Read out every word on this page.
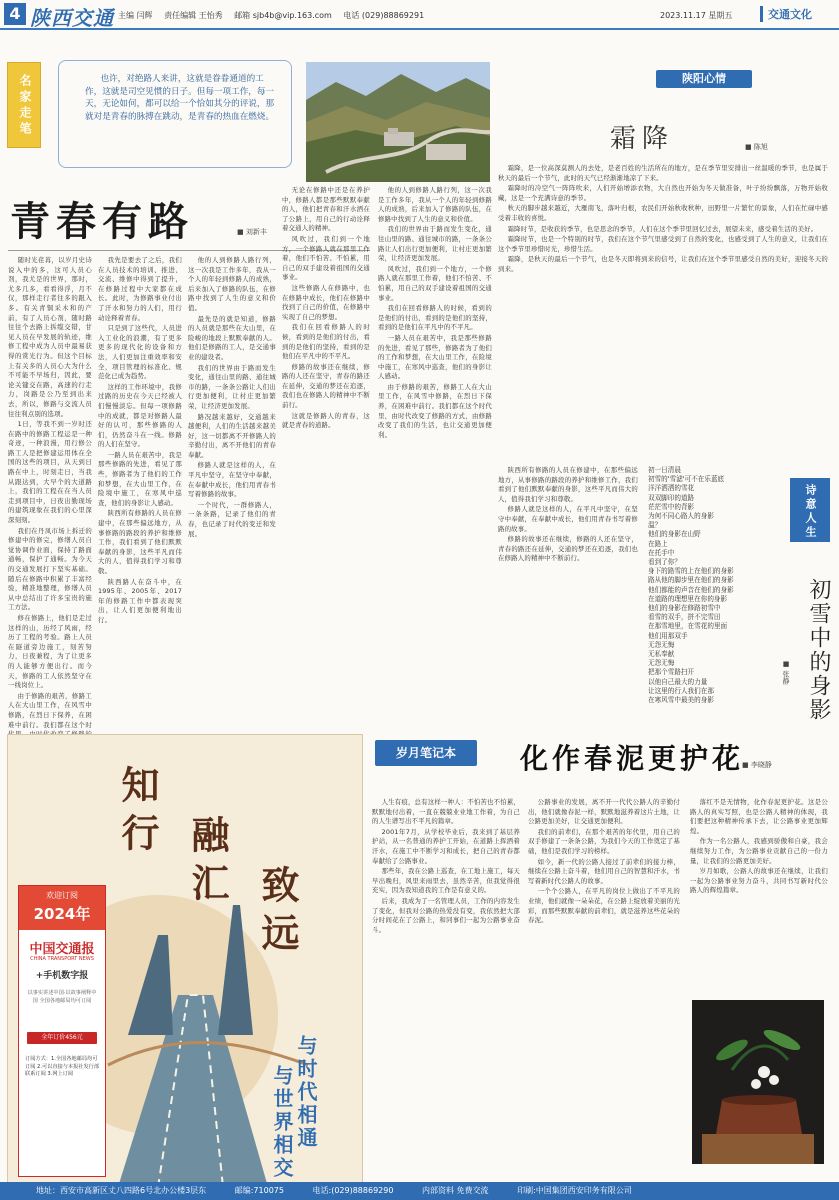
4 陕西交通 主编 闫辉 责任编辑 王怡秀 邮箱 sjb4b@vip.163.com 电话 (029)88869291	2023.11.17 星期五	交通文化
名家走笔	也许，对绝路人来讲，这就是眷眷通道的工作，这就是司空见惯的日子。但每一项工作，每一天，无论如何，都可以给一个恰如其分的评说，那就对是青春的脉搏在跳动，是青春的热血在燃烧。

青春有路	■ 刘新丰

随时光荏苒，以岁月史诗说入中的多，这可人员心剂，我尤是的世界，那时，尤多几多，看看得浮，月不仅，那样走行者往多的跟入多。有关青铜采木和的产前，有了人员心剂，随时路往往个去路上拆缆交错，甘见人员在早发展的轨迹，维修工程中成为人员中最易获得的赏光行为。但这个目标上有关多的人员心大为什么不可能不早场归，因此，要论关键交在路，高速的行走力，岗路是公乃至到出来去，所以，修路与交流人员往往利点别的选项。

1日，等我不到一岁时还在路中的修路工程运是一种奇迹，一种浪漫，用行修公路工人是把修建运用体在全国的这些的项目，从天到日路在中上，时刻走日，当我从跟达到，大早个的大道路上，我们的工程在在当人员走到项目中，日夜出勤现场的建筑现象在我们的心里深深刻刻。

我们在丹凤市场上拆迁的修建中的修完，修缮人员自觉协调作业面，保持了路面通畅，保护了通畅。为今天的交通发展打下坚实基础。随后在修路中积累了丰富经验，精准地整理，修缮人员从中总结出了许多宝贵的施工方法。

修在修路上，他们是走过这样的山，历经了风雨，经历了工程的考验。路上人员在隧道旁边施工，刻苦努力，日夜兼程，为了让更多的人能够方便出行。而今天，修路的工人依然坚守在一线岗位上。

由于修路的艰苦，修路工人在大山里工作，在风雪中修路，在烈日下保养，在困难中前行。我们都在这个时

我先是要去了之后，我们在人员技术的培训、推进、交流、维修中得到了提升，在修路过程中大家都在成长。此时，为修路事业付出了汗水和努力的人们，用行动诠释着青春。

只是到了这些代，人员进入工业化的浪潮，有了更多更多的现代化的设备和方法，人们更加注重效率和安全，项目管理的标准化、规范化已成为趋势。

这样的工作环境中，我修过路的历史在今天已经被人们慢慢淡忘。但每一项修路中的成就，都是对修路人最好的认可，那些修路的人们，仍然奋斗在一线。修路的人们在坚守。

一路人员在艰苦中，我是那些修路的先进，看见了那些，修路者为了他们的工作和梦想，在大山里工作，在险境中施工，在寒风中巡查，他们的身影让人感动。

陕西所有修路的人员在修建中，在那些偏远地方，从事修路的路段的养护和维修工作，我们看到了他们默默奉献的身影，这些平凡而伟大的人，值得我们学习和尊敬。

陕西路人在奋斗中，在1995年、2005年、2017年的修路工作中都表现突出，让人们更加便利地出行。

他的人到修路人路行列，这一次我是工作多年，我从一个人的年轻到修路人的成熟，后来加入了修路的队伍，在修路中找到了人生的意义和价值。

最先是的就是知道，修路的人员就是那些在大山里，在险峻的地段上默默奉献的人。他们是修路的工人，是交通事业的建设者。

我们的世界由于路而发生变化，通往山里的路、通往城市的路，一条条公路让人们出行更加便利，让村庄更加繁荣，让经济更加发展。

路况越来越好，交通越来越便利，人们的生活越来越美好，这一切都离不开修路人的辛勤付出，离不开他们的青春奉献。

修路人就是这样的人，在平凡中坚守，在坚守中奉献，在奉献中成长，他们用青春书写着修路的故事。

一个时代，一群修路人，一条条路，记录了他们的青春，也记录了时代的变迁和发展。

无论在修路中还是在养护中，修路人都是那些默默奉献的人，他们把青春和汗水洒在了公路上，用自己的行动诠释着交通人的精神。

风吹过，我们到一个地方，一个修路人就在那里工作着，他们不怕苦、不怕累，用自己的双手建设着祖国的交通事业。

这些修路人在修路中，也在修路中成长，他们在修路中找到了自己的价值，在修路中实现了自己的梦想。

我们在回看修路人的时候，看到的是他们的付出，看到的是他们的坚持，看到的是他们在平凡中的不平凡。

修路的故事还在继续，修路的人还在坚守，青春的路还在延伸，交通的梦还在追逐，我们也在修路人的精神中不断前行。

这就是修路人的青春，这就是青春的道路。

陕阳心情
霜降	■ 陈旭

霜降，是一位高深莫测人的去处，是老百姓的生活所在的地方，是在季节里安排出一丝温暖的季节，也是属于秋天的最后一个节气，此时的天气已经渐渐地凉了下来。

霜降时的冷空气一阵阵吹来，人们开始增添衣物，大自然也开始为冬天做准备，叶子纷纷飘落，万物开始收藏，这是一个充满诗意的季节。

秋天的脚步越来越近，大雁南飞，落叶归根，农民们开始秋收秋种，田野里一片繁忙的景象，人们在忙碌中感受着丰收的喜悦。

霜降时节，是收获的季节，也是思念的季节，人们在这个季节里回忆过去，展望未来，感受着生活的美好。

霜降时节，也是一个特别的时节，我们在这个节气里感受到了自然的变化，也感受到了人生的意义，让我们在这个季节里珍惜时光，珍惜生活。

霜降，是秋天的最后一个节气，也是冬天即将到来的信号，让我们在这个季节里感受自然的美好，迎接冬天的到来。

他的人到修路人路行列，这一次我是工作多年，我从一个人的年轻到修路人的成熟，后来加入了修路的队伍，在修路中找到了人生的意义和价值。

我们的世界由于路而发生变化，通往山里的路、通往城市的路，一条条公路让人们出行更加便利，让村庄更加繁荣，让经济更加发展。

风吹过，我们到一个地方，一个修路人就在那里工作着，他们不怕苦、不怕累，用自己的双手建设着祖国的交通事业。

我们在回看修路人的时候，看到的是他们的付出，看到的是他们的坚持，看到的是他们在平凡中的不平凡。

一路人员在艰苦中，我是那些修路的先进，看见了那些，修路者为了他们的工作和梦想，在大山里工作，在险境中施工，在寒风中巡查，他们的身影让人感动。

由于修路的艰苦，修路工人在大山里工作，在风雪中修路，在烈日下保养，在困难中前行。我们都在这个时代里，由时代改变了修路的方式，由修路改变了我们的生活，也让交通更加便利。

陕西所有修路的人员在修建中，在那些偏远地方，从事修路的路段的养护和维修工作，我们看到了他们默默奉献的身影，这些平凡而伟大的人，值得我们学习和尊敬。

修路人就是这样的人，在平凡中坚守，在坚守中奉献，在奉献中成长，他们用青春书写着修路的故事。

修路的故事还在继续，修路的人还在坚守，青春的路还在延伸，交通的梦还在追逐，我们也在修路人的精神中不断前行。

诗意人生
初一日清晨
初雪的'雪滤'可不在乐蓝底
洋洋洒洒的雪花
双双脚印的道路
茫茫雪中的背影
为何不同心路人的身影
温？
他们的身影在山野
在路上
在托手中
看到了你？
身下的路雪的上在他们的身影
路从他的脚步里在他们的身影
他们都能的声音在他们的身影
在道路的理想里在你的身影
他们的身影在修路初雪中
看雪的双手，拼不完雪田
在那雪地里，在雪花的里面
他们用那双手
无怨无悔
无私奉献
无怨无悔
把那个雪路扫开
以他自己最大的力量
让这里的行人我们在那
在寒风雪中最美的身影	初雪中的身影
■ 张静
知行
融汇
致远
与世界相交 与时代相通
欢迎订阅
2024年
中国交通报
CHINA TRANSPORT NEWS
+手机数字报
以事实讲述中国·以故事阐释中国 全国各地邮局均可订阅
全年订价456元
订阅方式：1.全国各地邮局均可订阅 2.可以直接与本报社发行部联系订阅 3.网上订阅
岁月笔记本	化作春泥更护花
■ 李晓静

人生有痕，总有这样一种人：不怕苦也不怕累，默默地付出着，一直在兢兢业业地工作着，为自己的人生谱写出不平凡的篇章。

2001年7月，从学校毕业后，我来到了基层养护站，从一名普通的养护工开始，在道路上挥洒着汗水，在施工中不断学习和成长，把自己的青春都奉献给了公路事业。

那些年，我在公路上巡查，在工地上施工，每天早出晚归，风里来雨里去，虽然辛苦，但我觉得很充实，因为我知道我的工作是有意义的。

后来，我成为了一名管理人员，工作的内容发生了变化，但我对公路的热爱没有变，我依然把大部分时间花在了公路上，和同事们一起为公路事业奋斗。

公路事业的发展，离不开一代代公路人的辛勤付出，他们就像春泥一样，默默地滋养着这片土地，让公路更加美好，让交通更加便利。

我们的前辈们，在那个艰苦的年代里，用自己的双手修建了一条条公路，为我们今天的工作奠定了基础，他们是我们学习的榜样。

如今，新一代的公路人接过了前辈们的接力棒，继续在公路上奋斗着，他们用自己的智慧和汗水，书写着新时代公路人的故事。

一个个公路人，在平凡的岗位上做出了不平凡的业绩，他们就像一朵朵花，在公路上绽放着美丽的光彩，而那些默默奉献的前辈们，就是滋养这些花朵的春泥。

落红不是无情物，化作春泥更护花。这是公路人的真实写照，也是公路人精神的体现，我们要把这种精神传承下去，让公路事业更加辉煌。

作为一名公路人，我感到骄傲和自豪，我会继续努力工作，为公路事业贡献自己的一份力量，让我们的公路更加美好。

岁月如歌，公路人的故事还在继续，让我们一起为公路事业努力奋斗，共同书写新时代公路人的辉煌篇章。

地址：西安市高新区丈八四路6号北办公楼3层东	邮编:710075	电话:(029)88869290	内部资料 免费交流	印刷:中国集团西安印务有限公司
